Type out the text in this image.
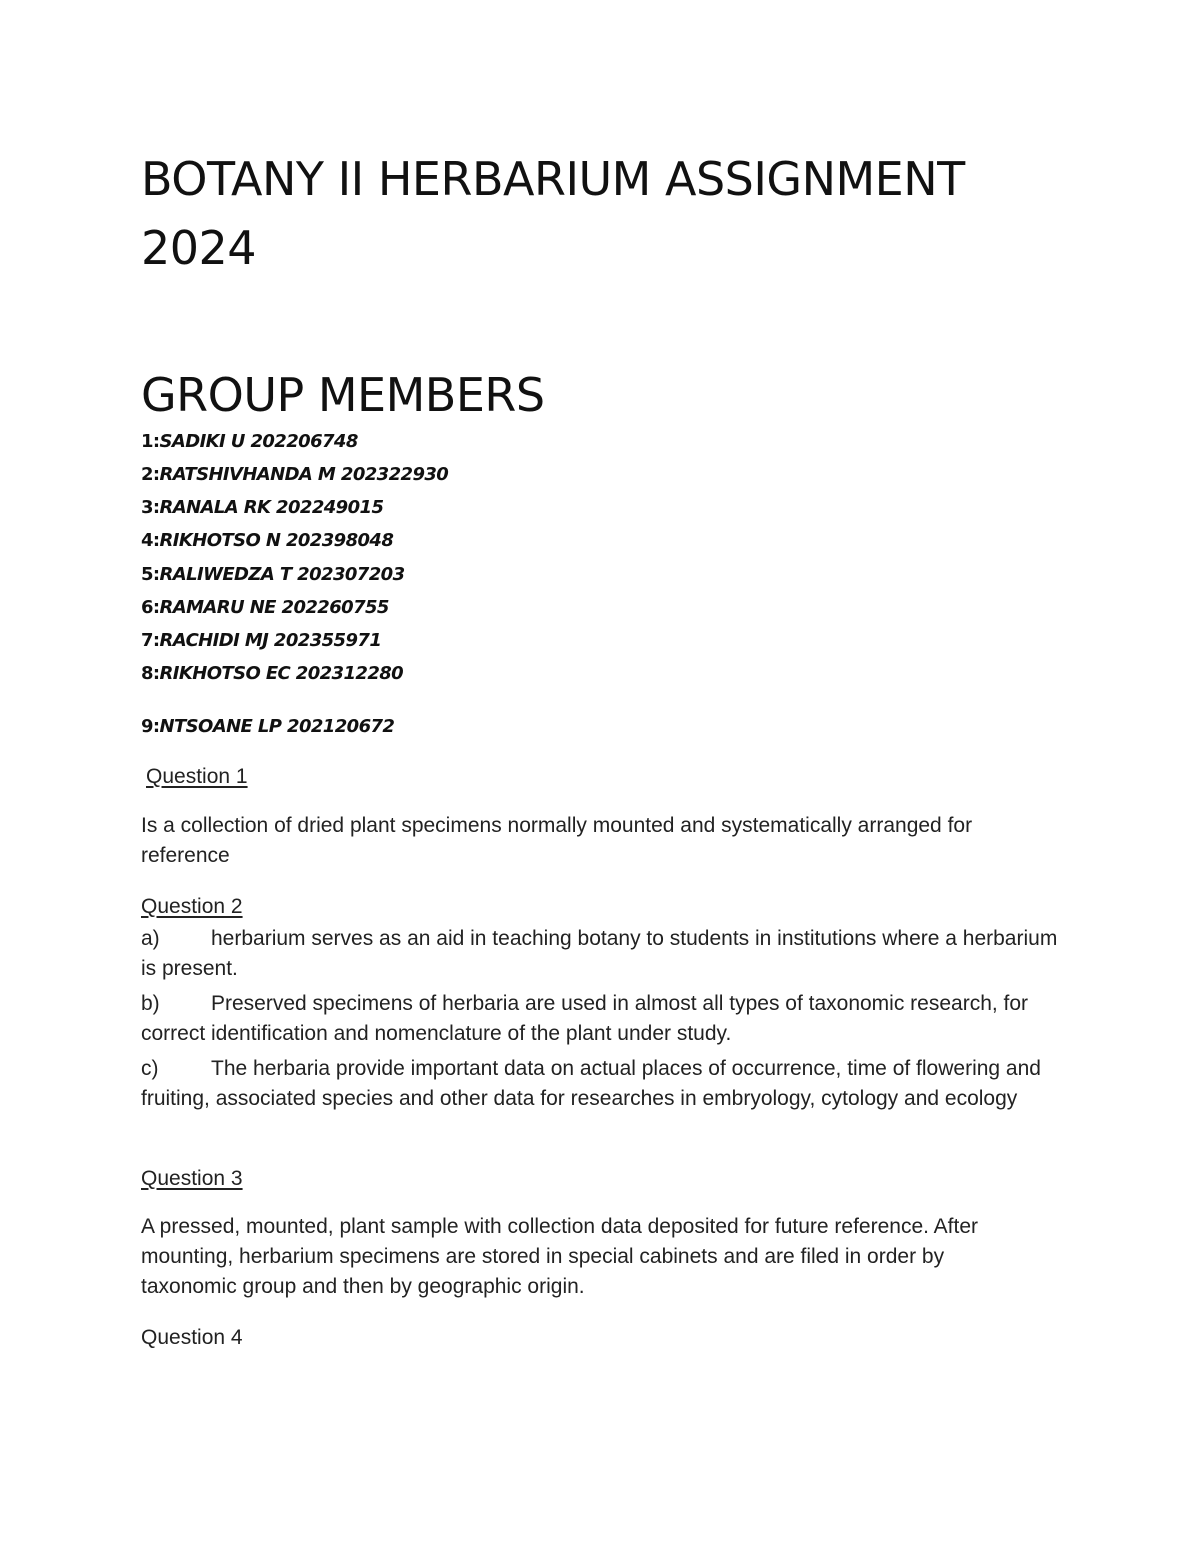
BOTANY II HERBARIUM ASSIGNMENT
2024
GROUP MEMBERS
1:SADIKI U 202206748
2:RATSHIVHANDA M 202322930
3:RANALA RK 202249015
4:RIKHOTSO N 202398048
5:RALIWEDZA T 202307203
6:RAMARU NE 202260755
7:RACHIDI MJ 202355971
8:RIKHOTSO EC 202312280
9:NTSOANE LP 202120672
Question 1
Is a collection of dried plant specimens normally mounted and systematically arranged for reference
Question 2
a) herbarium serves as an aid in teaching botany to students in institutions where a herbarium is present.
b) Preserved specimens of herbaria are used in almost all types of taxonomic research, for correct identification and nomenclature of the plant under study.
c)	The herbaria provide important data on actual places of occurrence, time of flowering and fruiting, associated species and other data for researches in embryology, cytology and ecology
Question 3
A pressed, mounted, plant sample with collection data deposited for future reference. After mounting, herbarium specimens are stored in special cabinets and are filed in order by taxonomic group and then by geographic origin.
Question 4
